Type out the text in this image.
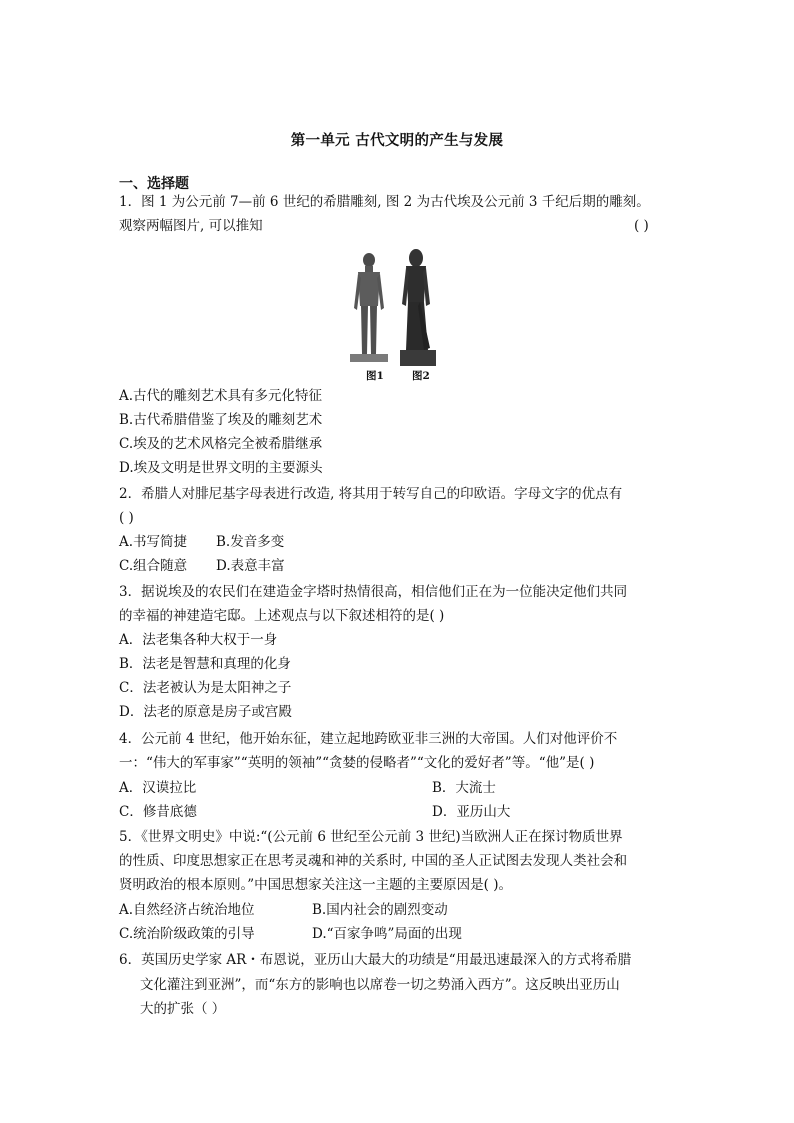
第一单元 古代文明的产生与发展
一、选择题
1．图 1 为公元前 7—前 6 世纪的希腊雕刻, 图 2 为古代埃及公元前 3 千纪后期的雕刻。
观察两幅图片, 可以推知	( )
图1	图2
A.古代的雕刻艺术具有多元化特征
B.古代希腊借鉴了埃及的雕刻艺术
C.埃及的艺术风格完全被希腊继承
D.埃及文明是世界文明的主要源头
2．希腊人对腓尼基字母表进行改造, 将其用于转写自己的印欧语。字母文字的优点有
( )
A.书写简捷 B.发音多变
C.组合随意 D.表意丰富
3．据说埃及的农民们在建造金字塔时热情很高，相信他们正在为一位能决定他们共同
的幸福的神建造宅邸。上述观点与以下叙述相符的是( )
A．法老集各种大权于一身
B．法老是智慧和真理的化身
C．法老被认为是太阳神之子
D．法老的原意是房子或宫殿
4．公元前 4 世纪，他开始东征，建立起地跨欧亚非三洲的大帝国。人们对他评价不
一：“伟大的军事家”“英明的领袖”“贪婪的侵略者”“文化的爱好者”等。“他”是( )
A．汉谟拉比	B．大流士
C．修昔底德	D．亚历山大
5．《世界文明史》中说:“(公元前 6 世纪至公元前 3 世纪)当欧洲人正在探讨物质世界
的性质、印度思想家正在思考灵魂和神的关系时, 中国的圣人正试图去发现人类社会和
贤明政治的根本原则。”中国思想家关注这一主题的主要原因是( )。
A.自然经济占统治地位	B.国内社会的剧烈变动
C.统治阶级政策的引导	D.“百家争鸣”局面的出现
6．英国历史学家 AR・布恩说，亚历山大最大的功绩是“用最迅速最深入的方式将希腊
文化灌注到亚洲”，而“东方的影响也以席卷一切之势涌入西方”。这反映出亚历山
大的扩张（ ）
